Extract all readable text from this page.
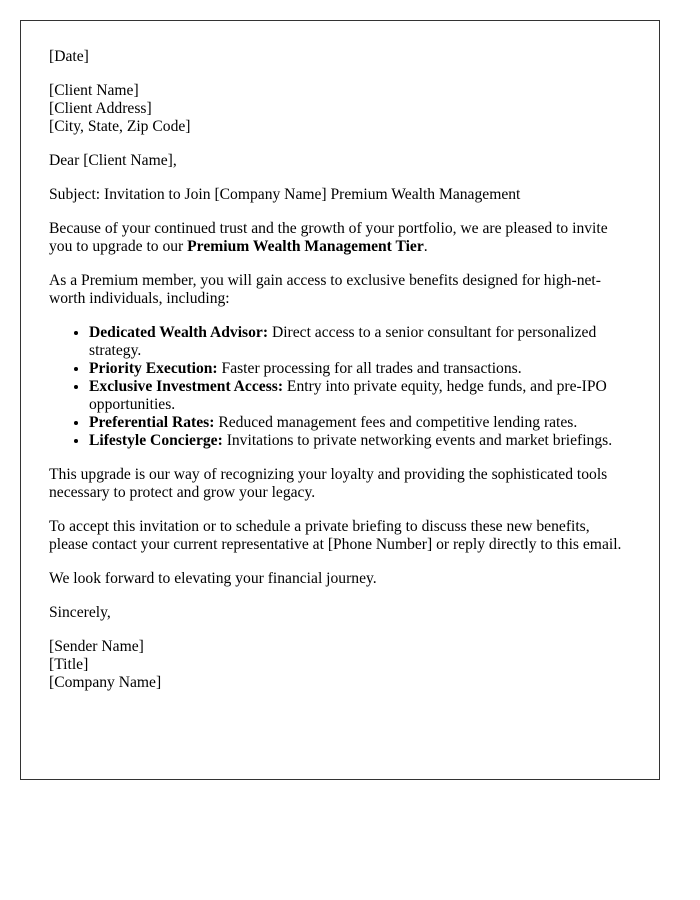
[Date]
[Client Name]
[Client Address]
[City, State, Zip Code]
Dear [Client Name],
Subject: Invitation to Join [Company Name] Premium Wealth Management
Because of your continued trust and the growth of your portfolio, we are pleased to invite you to upgrade to our Premium Wealth Management Tier.
As a Premium member, you will gain access to exclusive benefits designed for high-net-worth individuals, including:
• Dedicated Wealth Advisor: Direct access to a senior consultant for personalized strategy.
• Priority Execution: Faster processing for all trades and transactions.
• Exclusive Investment Access: Entry into private equity, hedge funds, and pre-IPO opportunities.
• Preferential Rates: Reduced management fees and competitive lending rates.
• Lifestyle Concierge: Invitations to private networking events and market briefings.
This upgrade is our way of recognizing your loyalty and providing the sophisticated tools necessary to protect and grow your legacy.
To accept this invitation or to schedule a private briefing to discuss these new benefits, please contact your current representative at [Phone Number] or reply directly to this email.
We look forward to elevating your financial journey.
Sincerely,
[Sender Name]
[Title]
[Company Name]
